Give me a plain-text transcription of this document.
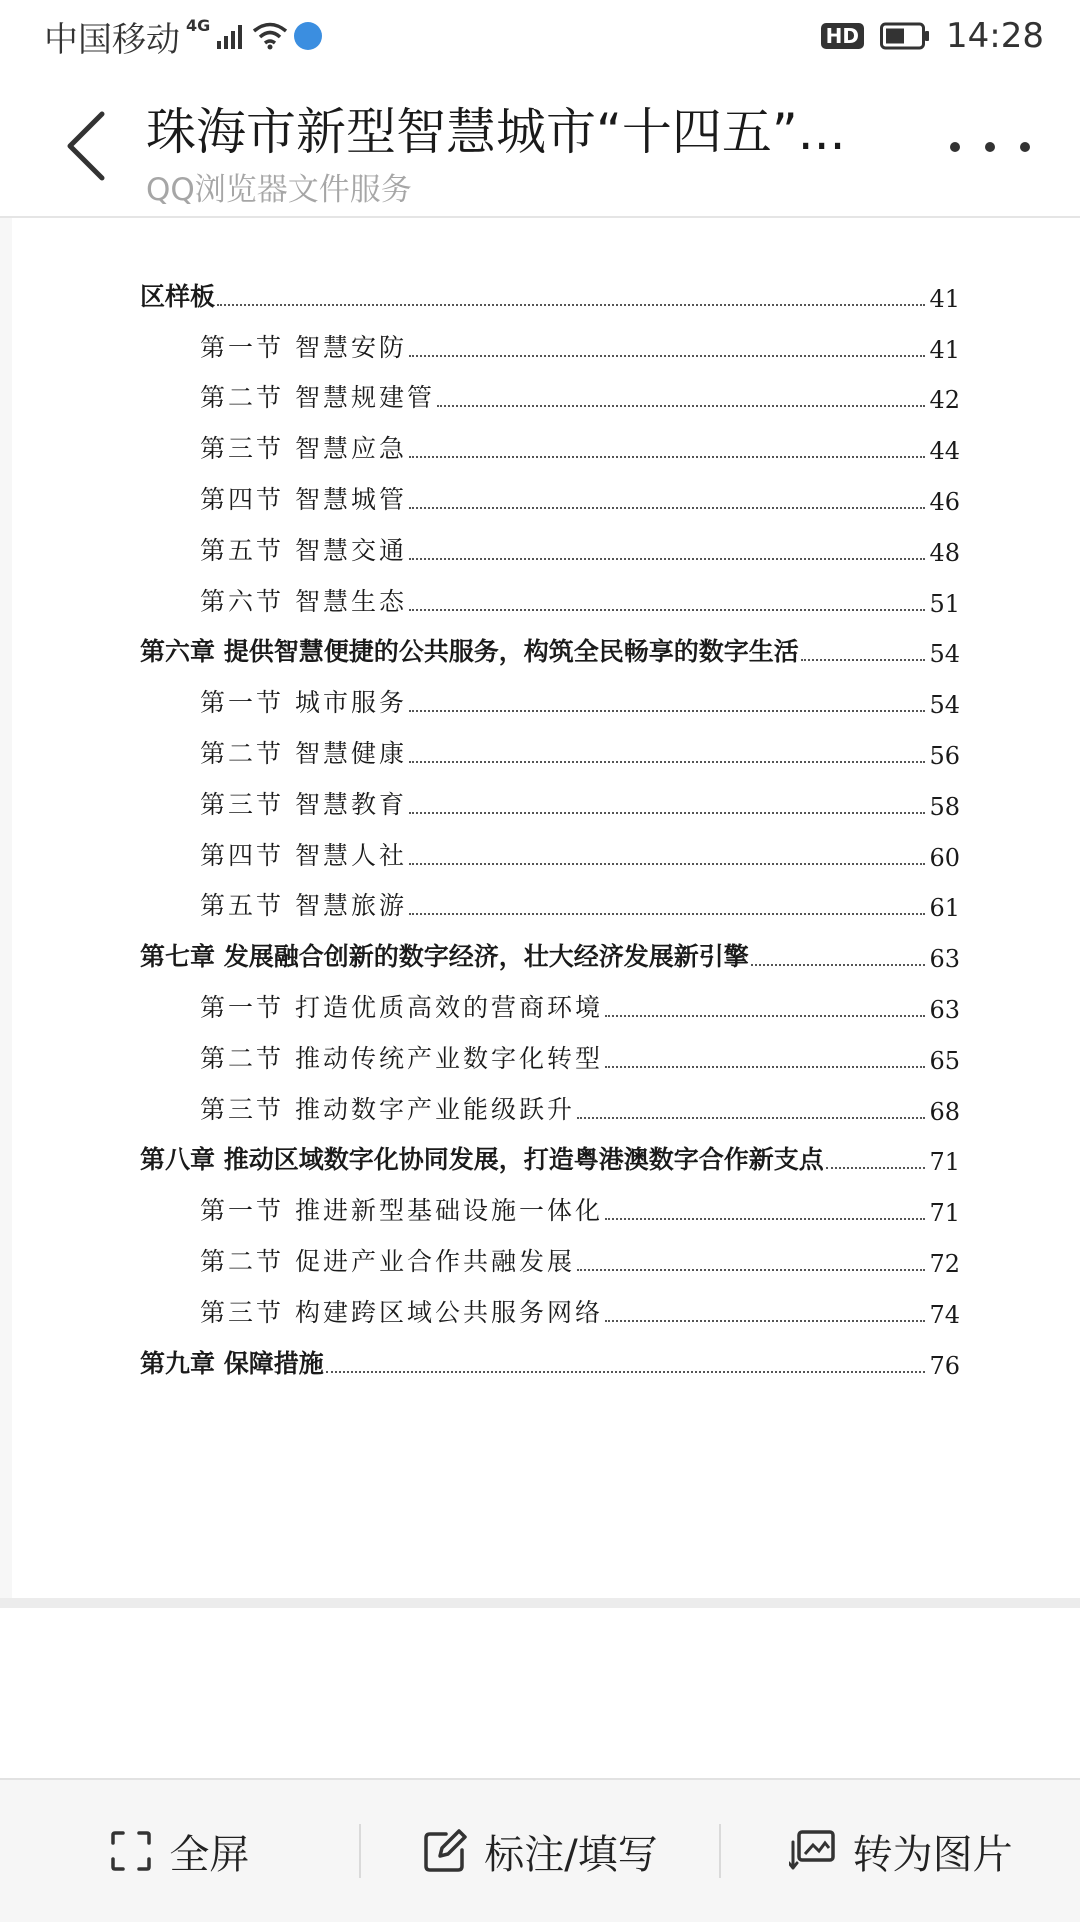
中国移动 4G	HD	14:28
珠海市新型智慧城市“十四五”...
QQ浏览器文件服务
区样板	41
第一节 智慧安防	41
第二节 智慧规建管	42
第三节 智慧应急	44
第四节 智慧城管	46
第五节 智慧交通	48
第六节 智慧生态	51
第六章 提供智慧便捷的公共服务，构筑全民畅享的数字生活	54
第一节 城市服务	54
第二节 智慧健康	56
第三节 智慧教育	58
第四节 智慧人社	60
第五节 智慧旅游	61
第七章 发展融合创新的数字经济，壮大经济发展新引擎	63
第一节 打造优质高效的营商环境	63
第二节 推动传统产业数字化转型	65
第三节 推动数字产业能级跃升	68
第八章 推动区域数字化协同发展，打造粤港澳数字合作新支点	71
第一节 推进新型基础设施一体化	71
第二节 促进产业合作共融发展	72
第三节 构建跨区域公共服务网络	74
第九章 保障措施	76
全屏	标注/填写	转为图片
